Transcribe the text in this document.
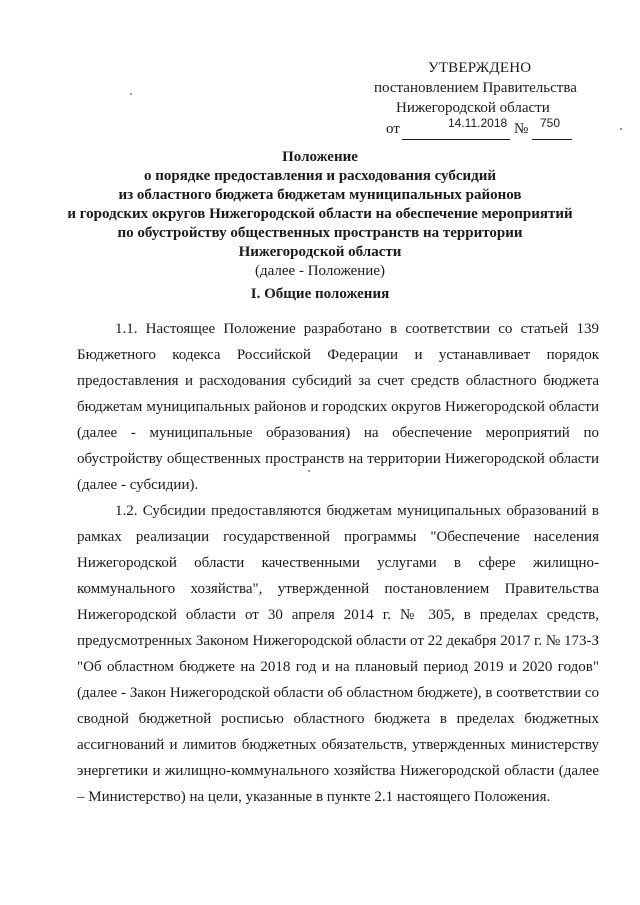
УТВЕРЖДЕНО
постановлением Правительства
Нижегородской области
от	14.11.2018 № 750
Положение
о порядке предоставления и расходования субсидий
из областного бюджета бюджетам муниципальных районов
и городских округов Нижегородской области на обеспечение мероприятий
по обустройству общественных пространств на территории
Нижегородской области
(далее - Положение)
I. Общие положения

1.1. Настоящее Положение разработано в соответствии со статьей 139 Бюджетного кодекса Российской Федерации и устанавливает порядок предоставления и расходования субсидий за счет средств областного бюджета бюджетам муниципальных районов и городских округов Нижегородской области (далее - муниципальные образования) на обеспечение мероприятий по обустройству общественных пространств на территории Нижегородской области (далее - субсидии).

1.2. Субсидии предоставляются бюджетам муниципальных образований в рамках реализации государственной программы "Обеспечение населения Нижегородской области качественными услугами в сфере жилищно-коммунального хозяйства", утвержденной постановлением Правительства Нижегородской области от 30 апреля 2014 г. № 305, в пределах средств, предусмотренных Законом Нижегородской области от 22 декабря 2017 г. № 173-З "Об областном бюджете на 2018 год и на плановый период 2019 и 2020 годов" (далее - Закон Нижегородской области об областном бюджете), в соответствии со сводной бюджетной росписью областного бюджета в пределах бюджетных ассигнований и лимитов бюджетных обязательств, утвержденных министерству энергетики и жилищно-коммунального хозяйства Нижегородской области (далее – Министерство) на цели, указанные в пункте 2.1 настоящего Положения.
